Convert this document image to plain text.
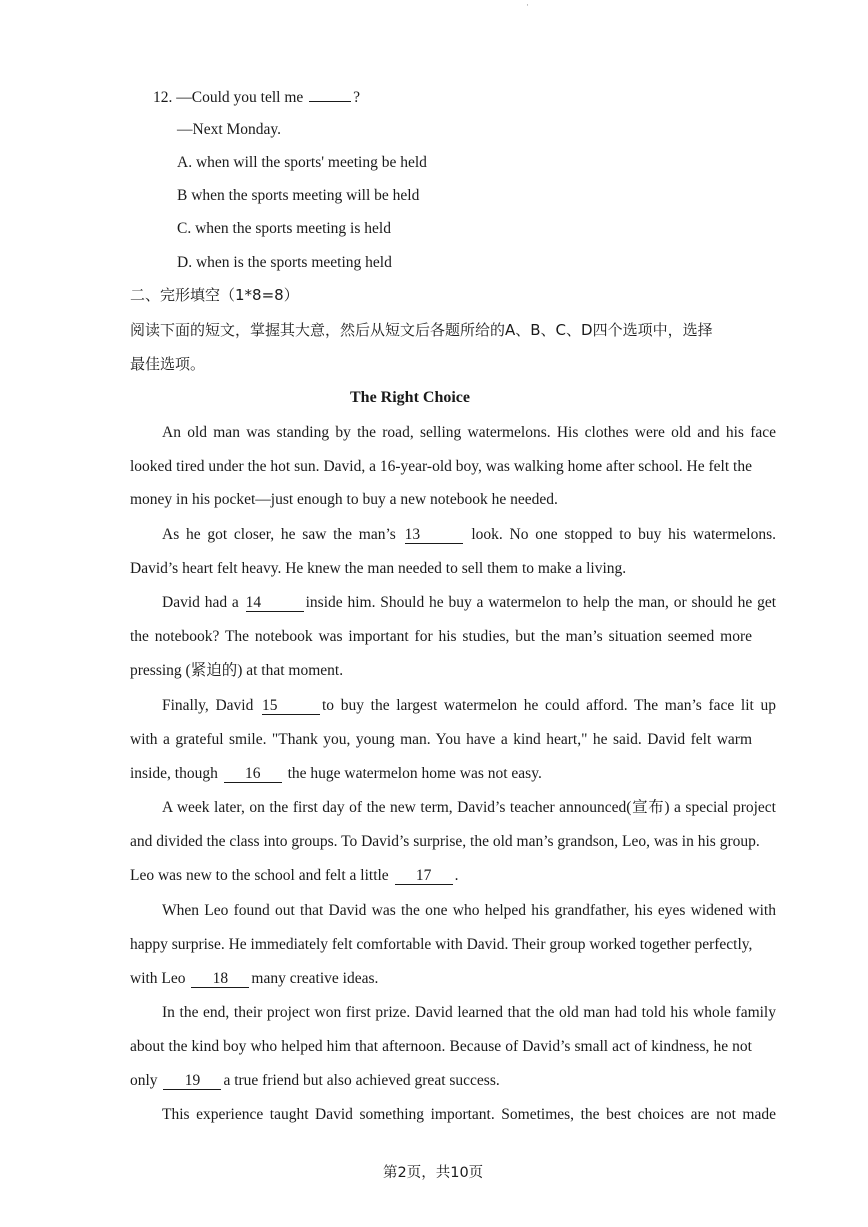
·
12. —Could you tell me	?
—Next Monday.
A. when will the sports' meeting be held
B when the sports meeting will be held
C. when the sports meeting is held
D. when is the sports meeting held
二、完形填空（1*8=8）
阅读下面的短文，掌握其大意，然后从短文后各题所给的A、B、C、D四个选项中，选择
最佳选项。
The Right Choice
An old man was standing by the road, selling watermelons. His clothes were old and his face
looked tired under the hot sun. David, a 16-year-old boy, was walking home after school. He felt the
money in his pocket—just enough to buy a new notebook he needed.
As he got closer, he saw the man’s 13	look. No one stopped to buy his watermelons.
David’s heart felt heavy. He knew the man needed to sell them to make a living.
David had a 14	inside him. Should he buy a watermelon to help the man, or should he get
the notebook? The notebook was important for his studies, but the man’s situation seemed more
pressing (紧迫的) at that moment.
Finally, David 15	to buy the largest watermelon he could afford. The man’s face lit up
with a grateful smile. "Thank you, young man. You have a kind heart," he said. David felt warm
inside, though 16 the huge watermelon home was not easy.
A week later, on the first day of the new term, David’s teacher announced(宣布) a special project
and divided the class into groups. To David’s surprise, the old man’s grandson, Leo, was in his group.
Leo was new to the school and felt a little 17 .
When Leo found out that David was the one who helped his grandfather, his eyes widened with
happy surprise. He immediately felt comfortable with David. Their group worked together perfectly,
with Leo 18 many creative ideas.
In the end, their project won first prize. David learned that the old man had told his whole family
about the kind boy who helped him that afternoon. Because of David’s small act of kindness, he not
only 19 a true friend but also achieved great success.
This experience taught David something important. Sometimes, the best choices are not made
第2页，共10页
